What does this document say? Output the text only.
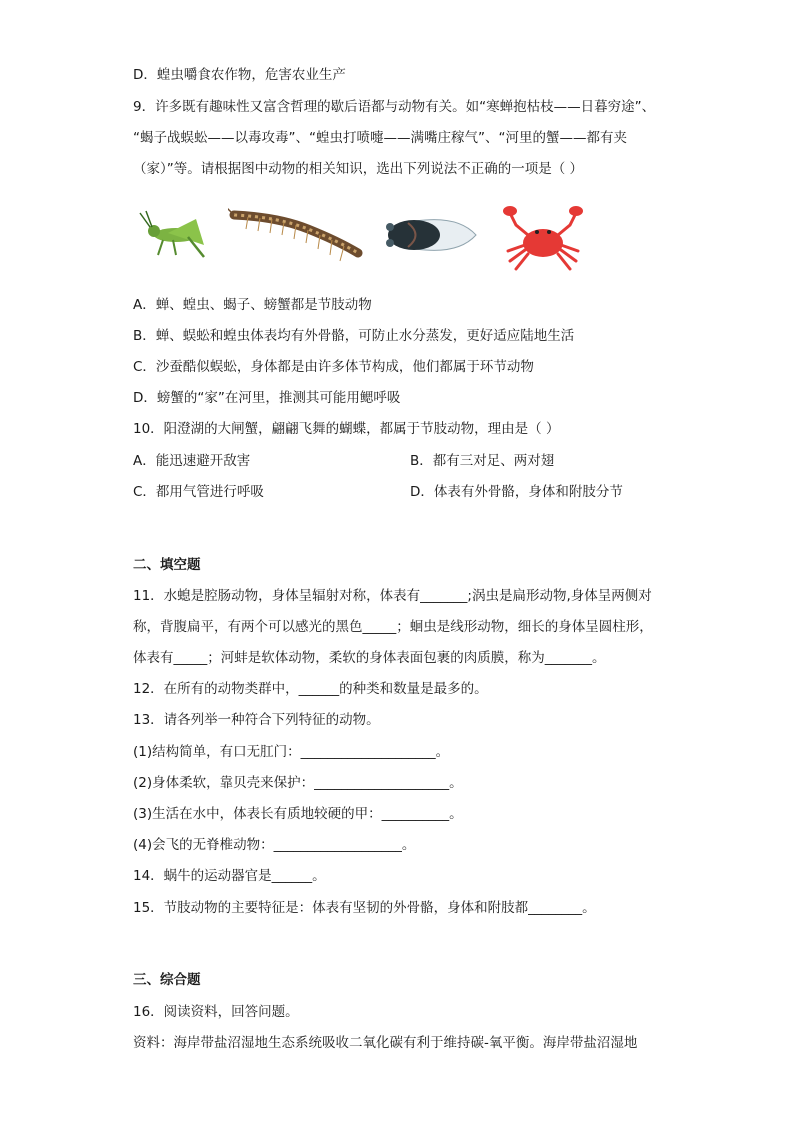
D．蝗虫嚼食农作物，危害农业生产
9．许多既有趣味性又富含哲理的歇后语都与动物有关。如“寒蝉抱枯枝——日暮穷途”、
“蝎子战蜈蚣——以毒攻毒”、“蝗虫打喷嚏——满嘴庄稼气”、“河里的蟹——都有夹
（家）”等。请根据图中动物的相关知识，选出下列说法不正确的一项是（ ）
A．蝉、蝗虫、蝎子、螃蟹都是节肢动物
B．蝉、蜈蚣和蝗虫体表均有外骨骼，可防止水分蒸发，更好适应陆地生活
C．沙蚕酷似蜈蚣，身体都是由许多体节构成，他们都属于环节动物
D．螃蟹的“家”在河里，推测其可能用鳃呼吸
10．阳澄湖的大闸蟹，翩翩飞舞的蝴蝶，都属于节肢动物，理由是（ ）
A．能迅速避开敌害	B．都有三对足、两对翅
C．都用气管进行呼吸	D．体表有外骨骼，身体和附肢分节
二、填空题
11．水螅是腔肠动物，身体呈辐射对称，体表有_______;涡虫是扁形动物,身体呈两侧对
称，背腹扁平，有两个可以感光的黑色_____；蛔虫是线形动物，细长的身体呈圆柱形，
体表有_____；河蚌是软体动物，柔软的身体表面包裹的肉质膜，称为_______。
12．在所有的动物类群中，______的种类和数量是最多的。
13．请各列举一种符合下列特征的动物。
(1)结构简单，有口无肛门：____________________。
(2)身体柔软，靠贝壳来保护：____________________。
(3)生活在水中，体表长有质地较硬的甲：__________。
(4)会飞的无脊椎动物：___________________。
14．蜗牛的运动器官是______。
15．节肢动物的主要特征是：体表有坚韧的外骨骼，身体和附肢都________。
三、综合题
16．阅读资料，回答问题。
资料：海岸带盐沼湿地生态系统吸收二氧化碳有利于维持碳-氧平衡。海岸带盐沼湿地
